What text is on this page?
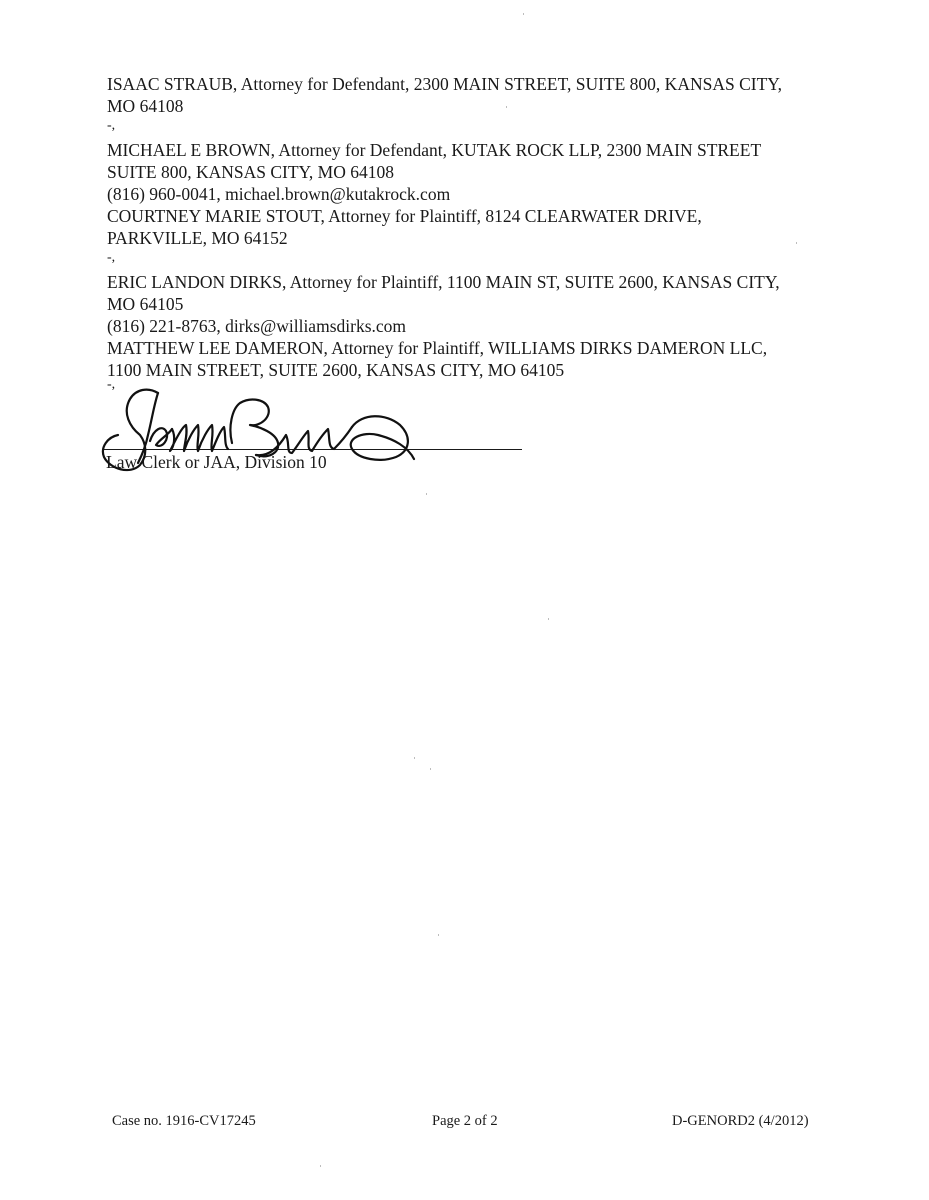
ISAAC STRAUB, Attorney for Defendant, 2300 MAIN STREET, SUITE 800, KANSAS CITY,
MO 64108
-,
MICHAEL E BROWN, Attorney for Defendant, KUTAK ROCK LLP, 2300 MAIN STREET
SUITE 800, KANSAS CITY, MO 64108
(816) 960-0041, michael.brown@kutakrock.com
COURTNEY MARIE STOUT, Attorney for Plaintiff, 8124 CLEARWATER DRIVE,
PARKVILLE, MO 64152
-,
ERIC LANDON DIRKS, Attorney for Plaintiff, 1100 MAIN ST, SUITE 2600, KANSAS CITY,
MO 64105
(816) 221-8763, dirks@williamsdirks.com
MATTHEW LEE DAMERON, Attorney for Plaintiff, WILLIAMS DIRKS DAMERON LLC,
1100 MAIN STREET, SUITE 2600, KANSAS CITY, MO 64105
-,
Law Clerk or JAA, Division 10
Case no. 1916-CV17245	Page 2 of 2	D-GENORD2 (4/2012)
